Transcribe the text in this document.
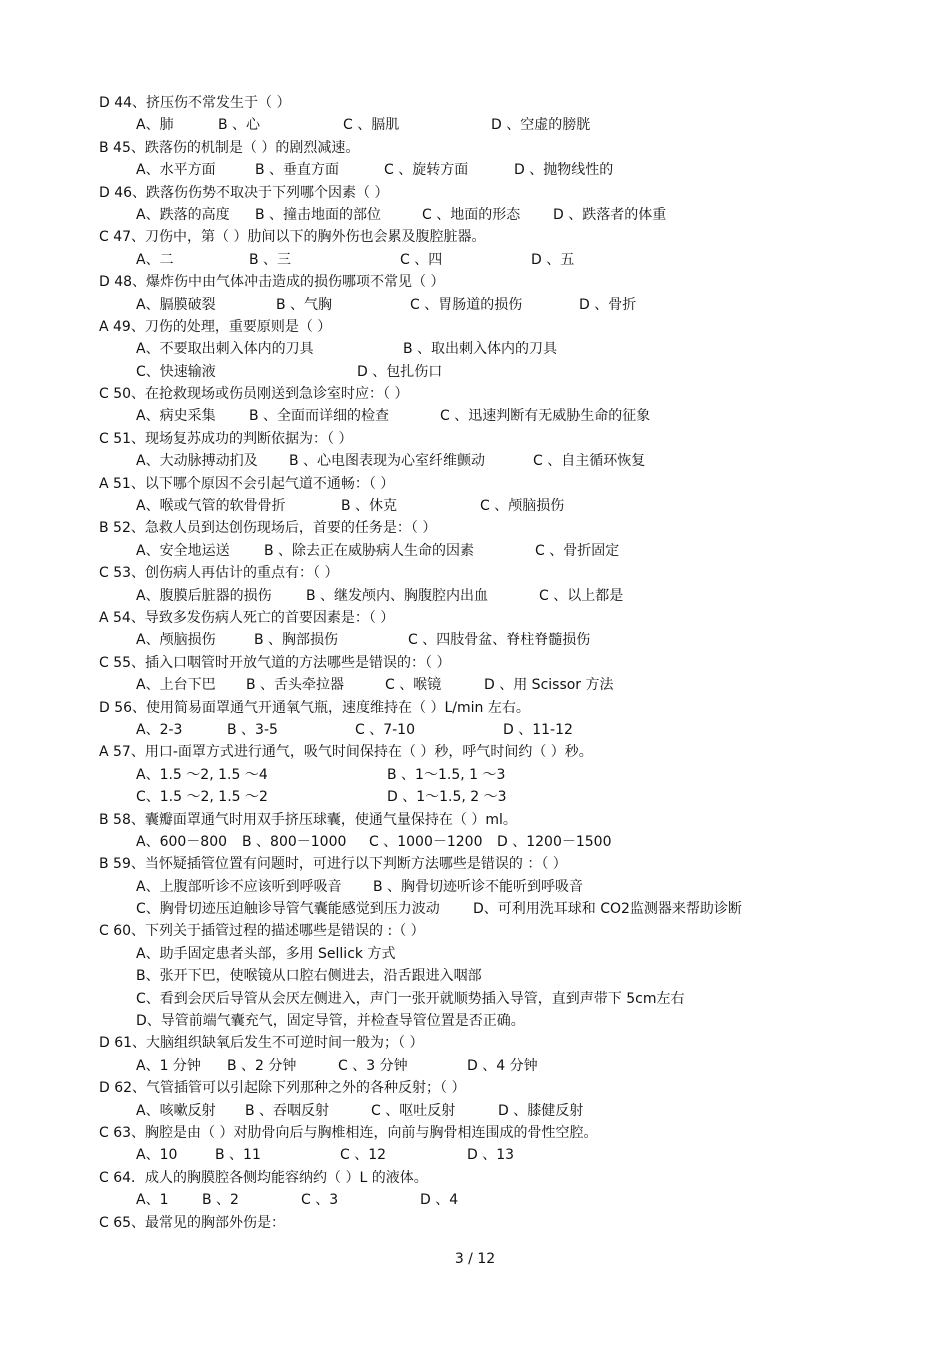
D 44、挤压伤不常发生于（ ）
A、肺	B 、心	C 、膈肌	D 、空虚的膀胱
B 45、跌落伤的机制是（ ）的剧烈减速。
A、水平方面	B 、垂直方面	C 、旋转方面	D 、抛物线性的
D 46、跌落伤伤势不取决于下列哪个因素（ ）
A、跌落的高度 B 、撞击地面的部位	C 、地面的形态 D 、跌落者的体重
C 47、刀伤中，第（ ）肋间以下的胸外伤也会累及腹腔脏器。
A、二	B 、三	C 、四	D 、五
D 48、爆炸伤中由气体冲击造成的损伤哪项不常见（ ）
A、膈膜破裂	B 、气胸	C 、胃肠道的损伤	D 、骨折
A 49、刀伤的处理，重要原则是（ ）
A、不要取出刺入体内的刀具	B 、取出刺入体内的刀具
C、快速输液	D 、包扎伤口
C 50、在抢救现场或伤员刚送到急诊室时应：（ ）
A、病史采集 B 、全面而详细的检查	C 、迅速判断有无威胁生命的征象
C 51、现场复苏成功的判断依据为：（ ）
A、大动脉搏动扪及 B 、心电图表现为心室纤维颤动	C 、自主循环恢复
A 51、以下哪个原因不会引起气道不通畅：（ ）
A、喉或气管的软骨骨折	B 、休克	C 、颅脑损伤
B 52、急救人员到达创伤现场后，首要的任务是：（ ）
A、安全地运送 B 、除去正在威胁病人生命的因素	C 、骨折固定
C 53、创伤病人再估计的重点有：（ ）
A、腹膜后脏器的损伤 B 、继发颅内、胸腹腔内出血	C 、以上都是
A 54、导致多发伤病人死亡的首要因素是：（ ）
A、颅脑损伤	B 、胸部损伤	C 、四肢骨盆、脊柱脊髓损伤
C 55、插入口咽管时开放气道的方法哪些是错误的：（ ）
A、上台下巴 B 、舌头牵拉器	C 、喉镜	D 、用 Scissor 方法
D 56、使用简易面罩通气开通氧气瓶，速度维持在（ ）L/min 左右。
A、2-3	B 、3-5	C 、7-10	D 、11-12
A 57、用口-面罩方式进行通气，吸气时间保持在（ ）秒，呼气时间约（ ）秒。
A、1.5 ～2, 1.5 ～4	B 、1～1.5, 1 ～3
C、1.5 ～2, 1.5 ～2	D 、1～1.5, 2 ～3
B 58、囊瓣面罩通气时用双手挤压球囊，使通气量保持在（ ）ml。
A、600－800 B 、800－1000 C 、1000－1200 D 、1200－1500
B 59、当怀疑插管位置有问题时，可进行以下判断方法哪些是错误的 ：（ ）
A、上腹部听诊不应该听到呼吸音 B 、胸骨切迹听诊不能听到呼吸音
C、胸骨切迹压迫触诊导管气囊能感觉到压力波动 D、可利用洗耳球和 CO2监测器来帮助诊断
C 60、下列关于插管过程的描述哪些是错误的 :（ ）
A、助手固定患者头部，多用 Sellick 方式
B、张开下巴，使喉镜从口腔右侧进去，沿舌跟进入咽部
C、看到会厌后导管从会厌左侧进入，声门一张开就顺势插入导管，直到声带下 5cm左右
D、导管前端气囊充气，固定导管，并检查导管位置是否正确。
D 61、大脑组织缺氧后发生不可逆时间一般为；（ ）
A、1 分钟 B 、2 分钟	C 、3 分钟	D 、4 分钟
D 62、气管插管可以引起除下列那种之外的各种反射；（ ）
A、咳嗽反射 B 、吞咽反射	C 、呕吐反射	D 、膝健反射
C 63、胸腔是由（ ）对肋骨向后与胸椎相连，向前与胸骨相连围成的骨性空腔。
A、10	B 、11	C 、12	D 、13
C 64．成人的胸膜腔各侧均能容纳约（ ）L 的液体。
A、1 B 、2	C 、3	D 、4
C 65、最常见的胸部外伤是：
3 / 12
